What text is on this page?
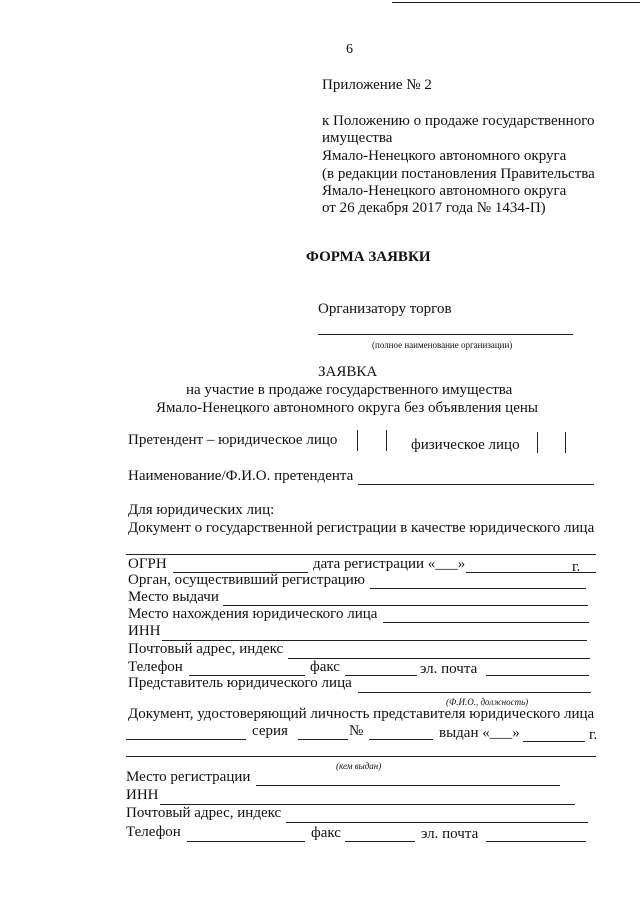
6
Приложение № 2
к Положению о продаже государственного
имущества
Ямало-Ненецкого автономного округа
(в редакции постановления Правительства
Ямало-Ненецкого автономного округа
от 26 декабря 2017 года № 1434-П)
ФОРМА ЗАЯВКИ
Организатору торгов
(полное наименование организации)
ЗАЯВКА
на участие в продаже государственного имущества
Ямало-Ненецкого автономного округа без объявления цены
Претендент – юридическое лицо	физическое лицо
Наименование/Ф.И.О. претендента
Для юридических лиц:
Документ о государственной регистрации в качестве юридического лица
ОГРН	дата регистрации «___»	г.
Орган, осуществивший регистрацию
Место выдачи
Место нахождения юридического лица
ИНН
Почтовый адрес, индекс
Телефон	факс	эл. почта
Представитель юридического лица
(Ф.И.О., должность)
Документ, удостоверяющий личность представителя юридического лица
серия	№	выдан «___»	г.
(кем выдан)
Место регистрации
ИНН
Почтовый адрес, индекс
Телефон	факс	эл. почта
